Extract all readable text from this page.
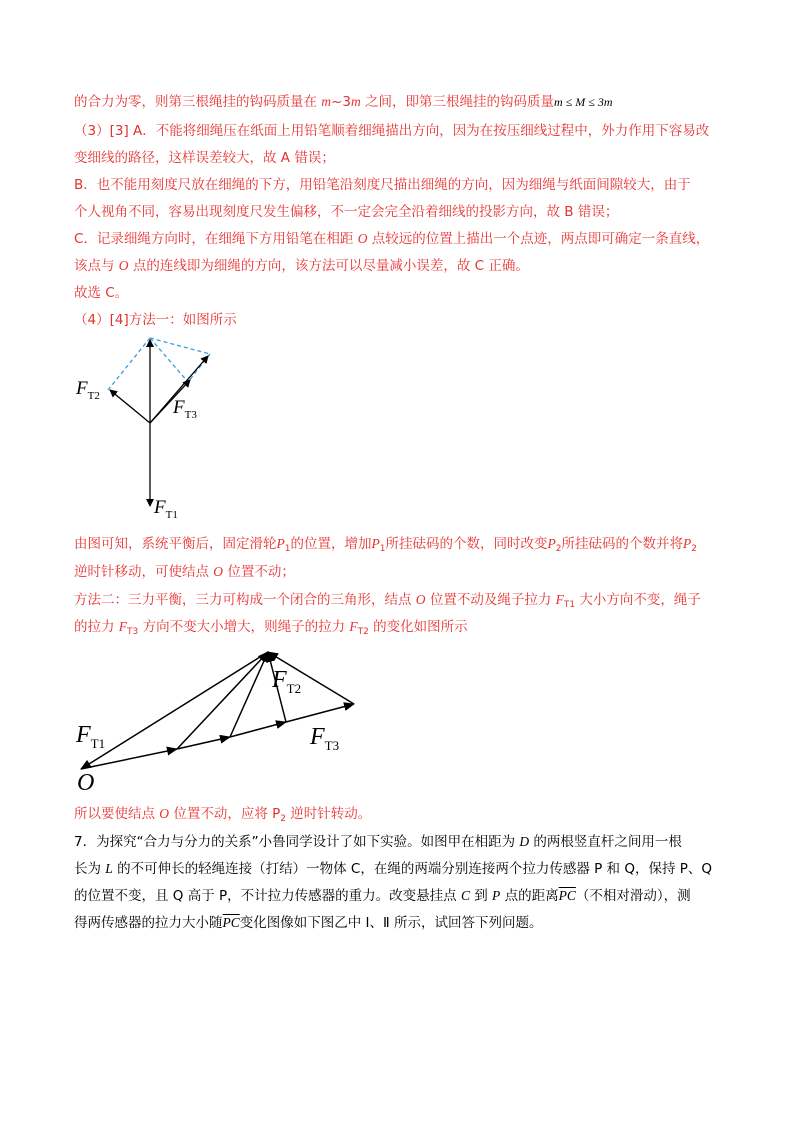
的合力为零，则第三根绳挂的钩码质量在 m~3m 之间，即第三根绳挂的钩码质量m ≤ M ≤ 3m
（3）[3] A．不能将细绳压在纸面上用铅笔顺着细绳描出方向，因为在按压细线过程中，外力作用下容易改
变细线的路径，这样误差较大，故 A 错误；
B．也不能用刻度尺放在细绳的下方，用铅笔沿刻度尺描出细绳的方向，因为细绳与纸面间隙较大，由于
个人视角不同，容易出现刻度尺发生偏移，不一定会完全沿着细线的投影方向，故 B 错误；
C．记录细绳方向时，在细绳下方用铅笔在相距 O 点较远的位置上描出一个点迹，两点即可确定一条直线，
该点与 O 点的连线即为细绳的方向，该方法可以尽量减小误差，故 C 正确。
故选 C。
（4）[4]方法一：如图所示
$F_{T2}$
$F_{T3}$
$F_{T1}$
由图可知，系统平衡后，固定滑轮$P_1$的位置，增加$P_1$所挂砝码的个数，同时改变$P_2$所挂砝码的个数并将$P_2$
逆时针移动，可使结点 O 位置不动；
方法二：三力平衡，三力可构成一个闭合的三角形，结点 O 位置不动及绳子拉力 $F_{T1}$ 大小方向不变，绳子
的拉力 $F_{T3}$ 方向不变大小增大，则绳子的拉力 $F_{T2}$ 的变化如图所示
$F_{T1}$
$F_{T2}$
$F_{T3}$
O
所以要使结点 O 位置不动，应将 $P_2$ 逆时针转动。
7．为探究“合力与分力的关系”小鲁同学设计了如下实验。如图甲在相距为 D 的两根竖直杆之间用一根
长为 L 的不可伸长的轻绳连接（打结）一物体 C，在绳的两端分别连接两个拉力传感器 P 和 Q，保持 P、Q
的位置不变，且 Q 高于 P，不计拉力传感器的重力。改变悬挂点 C 到 P 点的距离$\overline{PC}$（不相对滑动），测
得两传感器的拉力大小随$\overline{PC}$变化图像如下图乙中 Ⅰ、Ⅱ 所示，试回答下列问题。
